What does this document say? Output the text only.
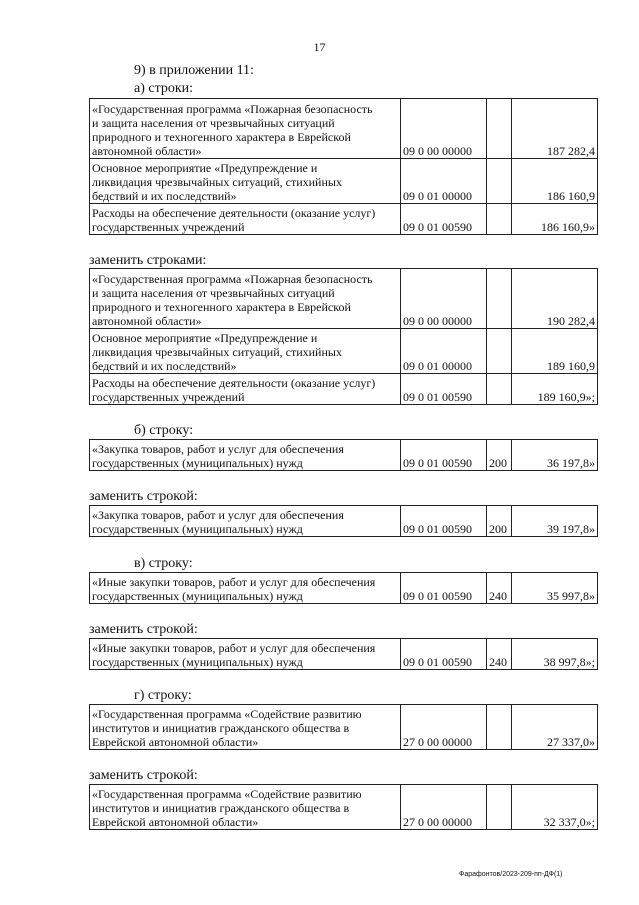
17
9) в приложении 11:
а) строки:
«Государственная программа «Пожарная безопасность
и защита населения от чрезвычайных ситуаций
природного и техногенного характера в Еврейской
автономной области»	09 0 00 00000		187 282,4
Основное мероприятие «Предупреждение и
ликвидация чрезвычайных ситуаций, стихийных
бедствий и их последствий»	09 0 01 00000		186 160,9
Расходы на обеспечение деятельности (оказание услуг)
государственных учреждений	09 0 01 00590		186 160,9»
заменить строками:
«Государственная программа «Пожарная безопасность
и защита населения от чрезвычайных ситуаций
природного и техногенного характера в Еврейской
автономной области»	09 0 00 00000		190 282,4
Основное мероприятие «Предупреждение и
ликвидация чрезвычайных ситуаций, стихийных
бедствий и их последствий»	09 0 01 00000		189 160,9
Расходы на обеспечение деятельности (оказание услуг)
государственных учреждений	09 0 01 00590		189 160,9»;
б) строку:
«Закупка товаров, работ и услуг для обеспечения
государственных (муниципальных) нужд	09 0 01 00590	200	36 197,8»
заменить строкой:
«Закупка товаров, работ и услуг для обеспечения
государственных (муниципальных) нужд	09 0 01 00590	200	39 197,8»
в) строку:
«Иные закупки товаров, работ и услуг для обеспечения
государственных (муниципальных) нужд	09 0 01 00590	240	35 997,8»
заменить строкой:
«Иные закупки товаров, работ и услуг для обеспечения
государственных (муниципальных) нужд	09 0 01 00590	240	38 997,8»;
г) строку:
«Государственная программа «Содействие развитию
институтов и инициатив гражданского общества в
Еврейской автономной области»	27 0 00 00000		27 337,0»
заменить строкой:
«Государственная программа «Содействие развитию
институтов и инициатив гражданского общества в
Еврейской автономной области»	27 0 00 00000		32 337,0»;
Фарафонтов/2023-209-пп-ДФ(1)
